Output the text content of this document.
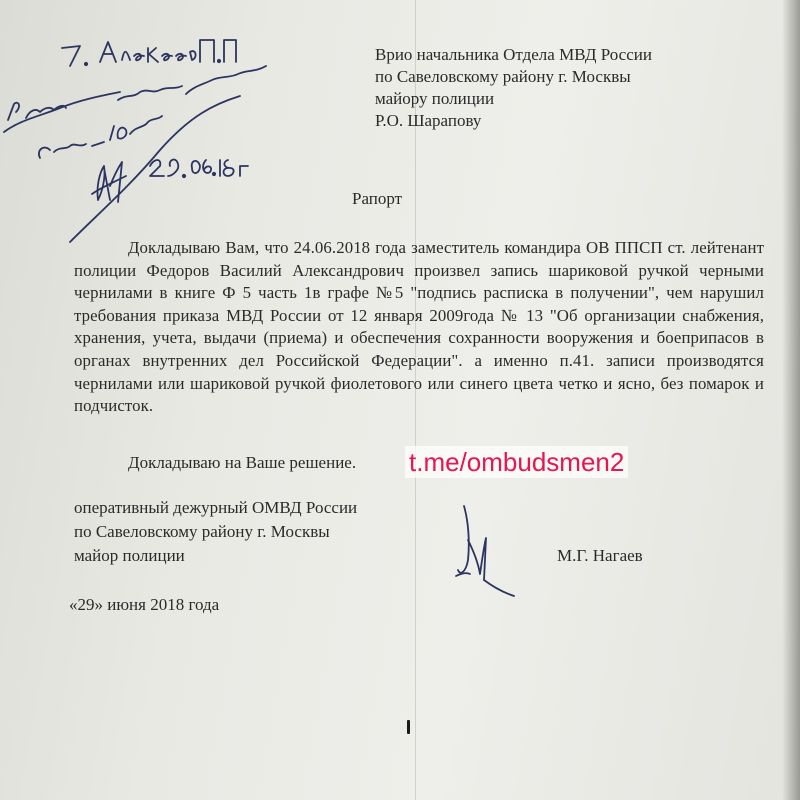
Врио начальника Отдела МВД России
по Савеловскому району г. Москвы
майору полиции
Р.О. Шарапову
Рапорт

Докладываю Вам, что 24.06.2018 года заместитель командира ОВ ППСП ст. лейтенант полиции Федоров Василий Александрович произвел запись шариковой ручкой черными чернилами в книге Ф 5 часть 1в графе №5 "подпись расписка в получении", чем нарушил требования приказа МВД России от 12 января 2009года № 13 "Об организации снабжения, хранения, учета, выдачи (приема) и обеспечения сохранности вооружения и боеприпасов в органах внутренних дел Российской Федерации". а именно п.41. записи производятся чернилами или шариковой ручкой фиолетового или синего цвета четко и ясно, без помарок и подчисток.

Докладываю на Ваше решение. t.me/ombudsmen2
оперативный дежурный ОМВД России
по Савеловскому району г. Москвы
майор полиции	М.Г. Нагаев
«29» июня 2018 года
